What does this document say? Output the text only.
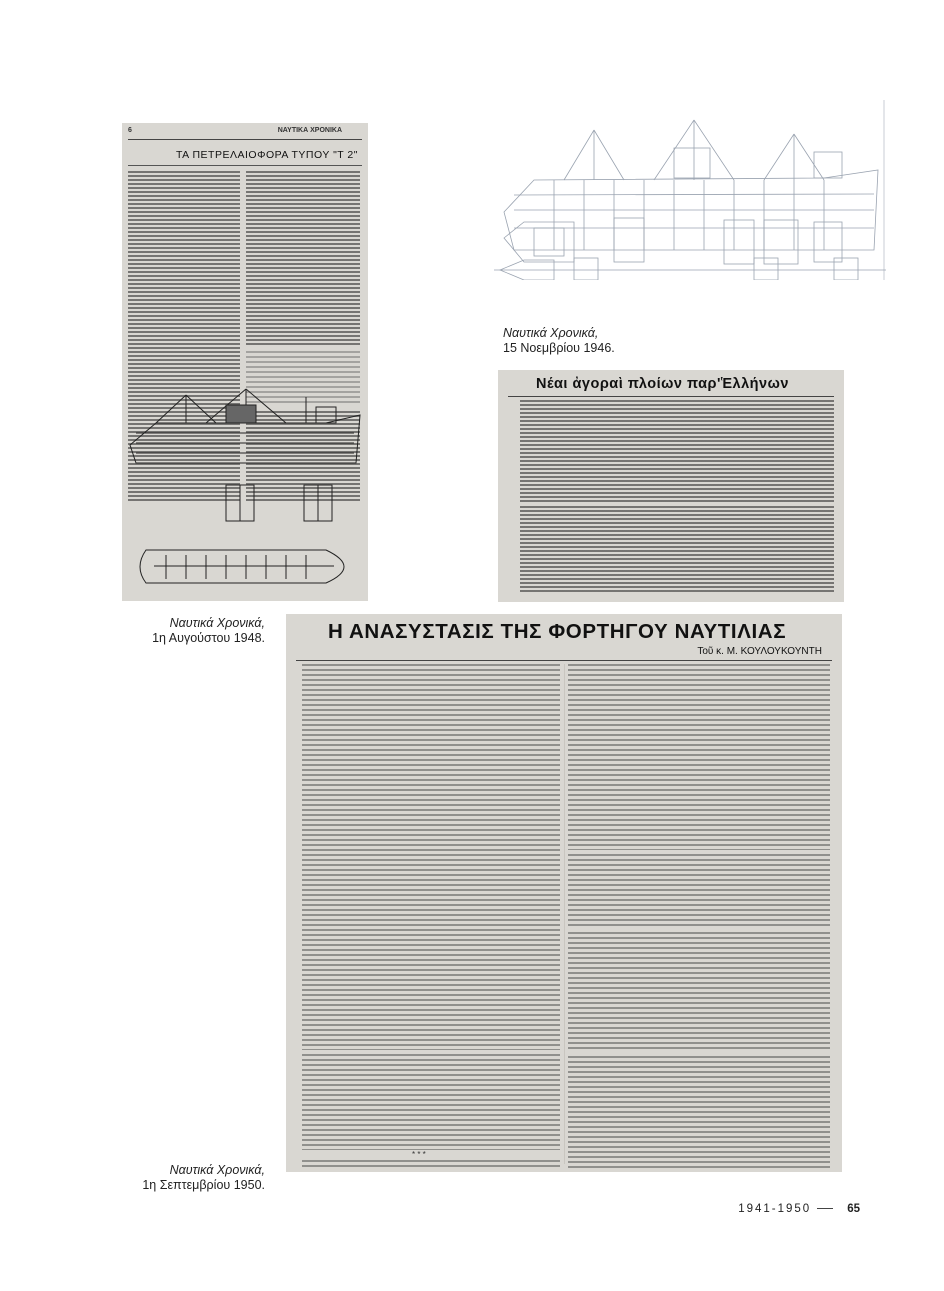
6	ΝΑΥΤΙΚΑ ΧΡΟΝΙΚΑ
ΤΑ ΠΕΤΡΕΛΑΙΟΦΟΡΑ ΤΥΠΟΥ "T 2"
Ναυτικά Χρονικά,
15 Νοεμβρίου 1946.
Νέαι ἀγοραὶ πλοίων παρ'Ἑλλήνων
Ναυτικά Χρονικά,
1η Αυγούστου 1948.	Η ΑΝΑΣΥΣΤΑΣΙΣ ΤΗΣ ΦΟΡΤΗΓΟΥ ΝΑΥΤΙΛΙΑΣ
Τοῦ κ. Μ. ΚΟΥΛΟΥΚΟΥΝΤΗ
* * *
Ναυτικά Χρονικά,
1η Σεπτεμβρίου 1950.
1941-1950	65
